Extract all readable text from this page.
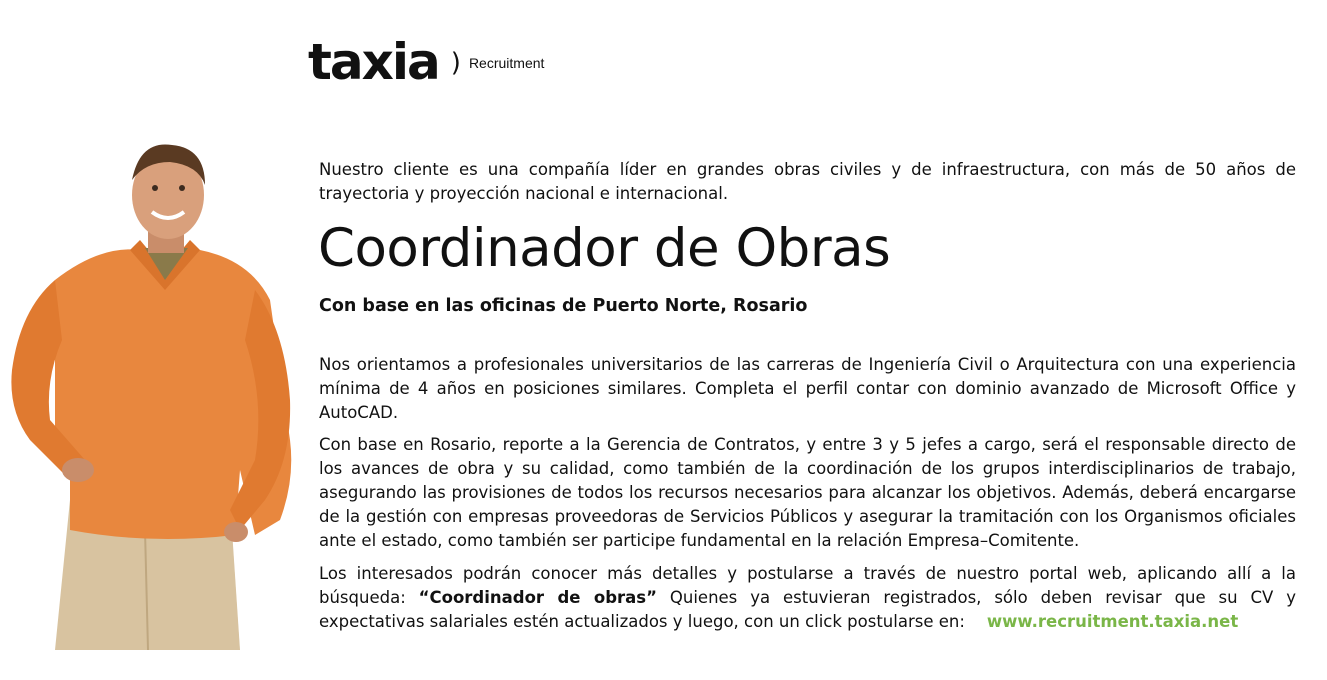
taxia ) Recruitment
Nuestro cliente es una compañía líder en grandes obras civiles y de infraestructura, con más de 50 años de trayectoria y proyección nacional e internacional.
Coordinador de Obras
Con base en las oficinas de Puerto Norte, Rosario
Nos orientamos a profesionales universitarios de las carreras de Ingeniería Civil o Arquitectura con una experiencia mínima de 4 años en posiciones similares. Completa el perfil contar con dominio avanzado de Microsoft Office y AutoCAD.
Con base en Rosario, reporte a la Gerencia de Contratos, y entre 3 y 5 jefes a cargo, será el responsable directo de los avances de obra y su calidad, como también de la coordinación de los grupos interdisciplinarios de trabajo, asegurando las provisiones de todos los recursos necesarios para alcanzar los objetivos. Además, deberá encargarse de la gestión con empresas proveedoras de Servicios Públicos y asegurar la tramitación con los Organismos oficiales ante el estado, como también ser participe fundamental en la relación Empresa–Comitente.
Los interesados podrán conocer más detalles y postularse a través de nuestro portal web, aplicando allí a la búsqueda: “Coordinador de obras” Quienes ya estuvieran registrados, sólo deben revisar que su CV y expectativas salariales estén actualizados y luego, con un click postularse en: www.recruitment.taxia.net
